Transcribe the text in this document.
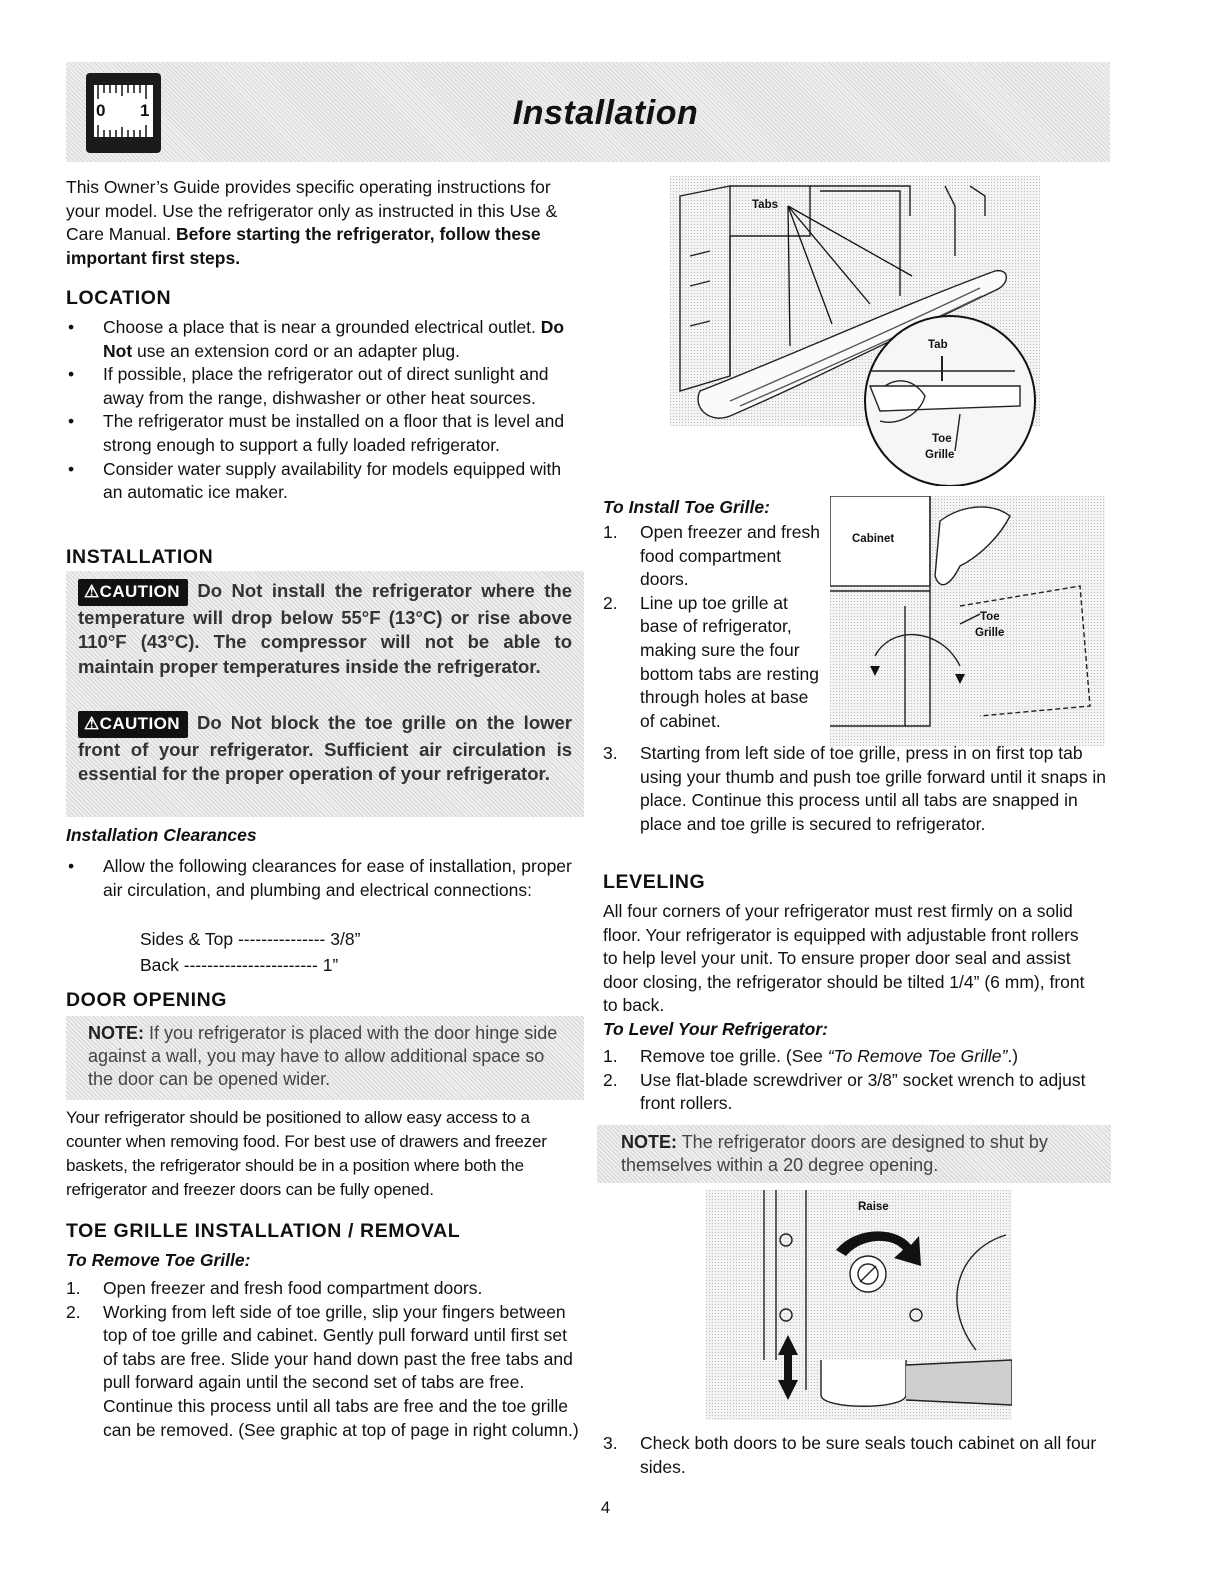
0 1	Installation
This Owner’s Guide provides specific operating instructions for your model. Use the refrigerator only as instructed in this Use & Care Manual. Before starting the refrigerator, follow these important first steps.
LOCATION
• Choose a place that is near a grounded electrical outlet. Do Not use an extension cord or an adapter plug.
• If possible, place the refrigerator out of direct sunlight and away from the range, dishwasher or other heat sources.
• The refrigerator must be installed on a floor that is level and strong enough to support a fully loaded refrigerator.
• Consider water supply availability for models equipped with an automatic ice maker.
INSTALLATION
⚠CAUTION Do Not install the refrigerator where the temperature will drop below 55°F (13°C) or rise above 110°F (43°C). The compressor will not be able to maintain proper temperatures inside the refrigerator.
⚠CAUTION Do Not block the toe grille on the lower front of your refrigerator. Sufficient air circulation is essential for the proper operation of your refrigerator.
Installation Clearances
• Allow the following clearances for ease of installation, proper air circulation, and plumbing and electrical connections:
Sides & Top --------------- 3/8”
Back ----------------------- 1”
DOOR OPENING
NOTE: If you refrigerator is placed with the door hinge side against a wall, you may have to allow additional space so the door can be opened wider.
Your refrigerator should be positioned to allow easy access to a counter when removing food. For best use of drawers and freezer baskets, the refrigerator should be in a position where both the refrigerator and freezer doors can be fully opened.
TOE GRILLE INSTALLATION / REMOVAL
To Remove Toe Grille:
1. Open freezer and fresh food compartment doors.
2. Working from left side of toe grille, slip your fingers between top of toe grille and cabinet. Gently pull forward until first set of tabs are free. Slide your hand down past the free tabs and pull forward again until the second set of tabs are free. Continue this process until all tabs are free and the toe grille can be removed. (See graphic at top of page in right column.)
Tabs
Tab
Toe
Grille
To Install Toe Grille:
1. Open freezer and fresh food compartment doors.
2. Line up toe grille at base of refrigerator, making sure the four bottom tabs are resting through holes at base of cabinet.
Cabinet
Toe
Grille
3. Starting from left side of toe grille, press in on first top tab using your thumb and push toe grille forward until it snaps in place. Continue this process until all tabs are snapped in place and toe grille is secured to refrigerator.
LEVELING
All four corners of your refrigerator must rest firmly on a solid floor. Your refrigerator is equipped with adjustable front rollers to help level your unit. To ensure proper door seal and assist door closing, the refrigerator should be tilted 1/4” (6 mm), front to back.
To Level Your Refrigerator:
1. Remove toe grille. (See “To Remove Toe Grille”.)
2. Use flat-blade screwdriver or 3/8” socket wrench to adjust front rollers.
NOTE: The refrigerator doors are designed to shut by themselves within a 20 degree opening.
Raise
3. Check both doors to be sure seals touch cabinet on all four sides.
4
